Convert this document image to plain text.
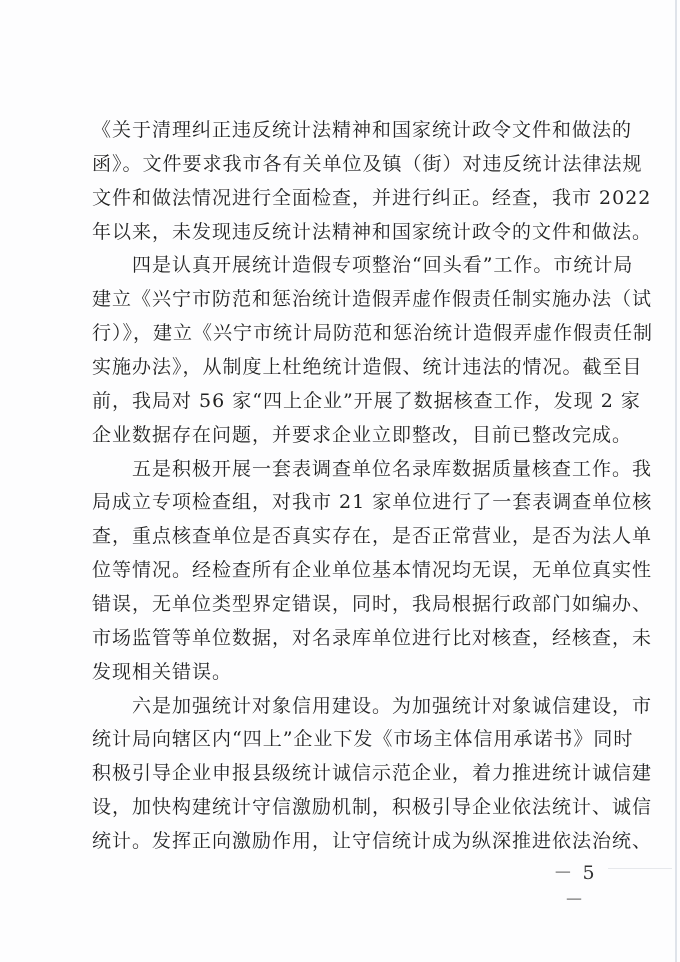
《关于清理纠正违反统计法精神和国家统计政令文件和做法的
函》。文件要求我市各有关单位及镇（街）对违反统计法律法规
文件和做法情况进行全面检查，并进行纠正。经查，我市 2022
年以来，未发现违反统计法精神和国家统计政令的文件和做法。
四是认真开展统计造假专项整治“回头看”工作。市统计局
建立《兴宁市防范和惩治统计造假弄虚作假责任制实施办法（试
行）》，建立《兴宁市统计局防范和惩治统计造假弄虚作假责任制
实施办法》，从制度上杜绝统计造假、统计违法的情况。截至目
前，我局对 56 家“四上企业”开展了数据核查工作，发现 2 家
企业数据存在问题，并要求企业立即整改，目前已整改完成。
五是积极开展一套表调查单位名录库数据质量核查工作。我
局成立专项检查组，对我市 21 家单位进行了一套表调查单位核
查，重点核查单位是否真实存在，是否正常营业，是否为法人单
位等情况。经检查所有企业单位基本情况均无误，无单位真实性
错误，无单位类型界定错误，同时，我局根据行政部门如编办、
市场监管等单位数据，对名录库单位进行比对核查，经核查，未
发现相关错误。
六是加强统计对象信用建设。为加强统计对象诚信建设，市
统计局向辖区内“四上”企业下发《市场主体信用承诺书》同时
积极引导企业申报县级统计诚信示范企业，着力推进统计诚信建
设，加快构建统计守信激励机制，积极引导企业依法统计、诚信
统计。发挥正向激励作用，让守信统计成为纵深推进依法治统、
－ 5 －
